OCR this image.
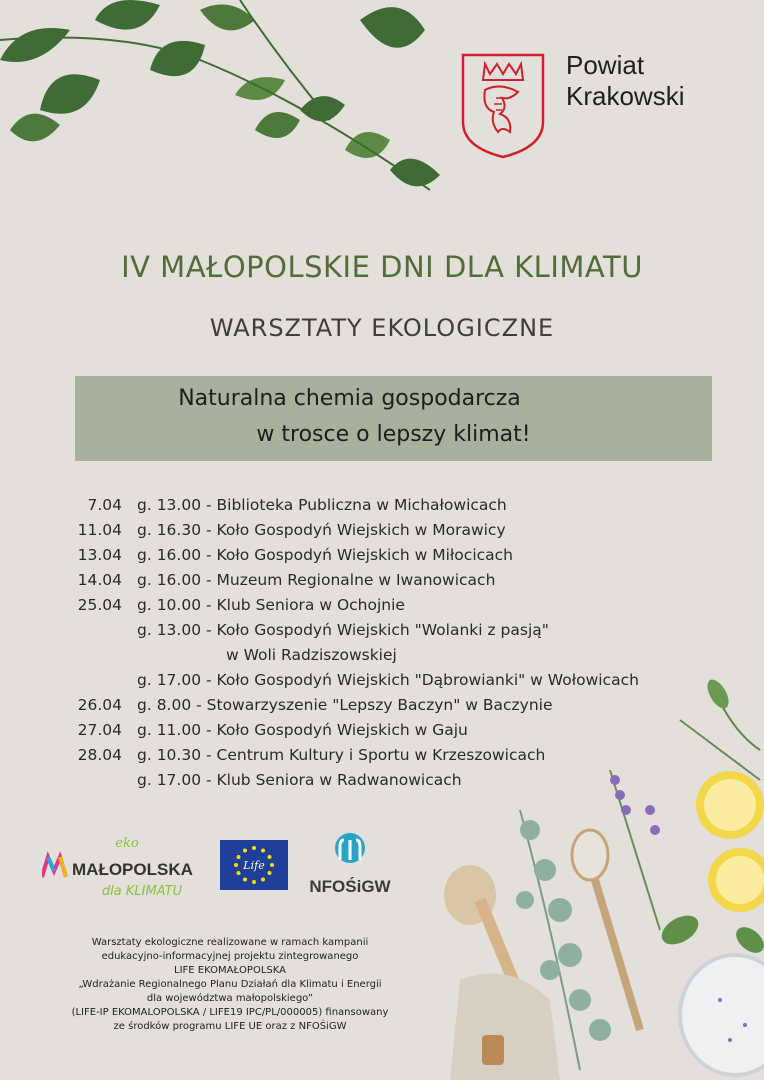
Powiat
Krakowski
IV MAŁOPOLSKIE DNI DLA KLIMATU
WARSZTATY EKOLOGICZNE
Naturalna chemia gospodarcza
w trosce o lepszy klimat!
7.04 g. 13.00 - Biblioteka Publiczna w Michałowicach
11.04 g. 16.30 - Koło Gospodyń Wiejskich w Morawicy
13.04 g. 16.00 - Koło Gospodyń Wiejskich w Miłocicach
14.04 g. 16.00 - Muzeum Regionalne w Iwanowicach
25.04 g. 10.00 - Klub Seniora w Ochojnie
g. 13.00 - Koło Gospodyń Wiejskich "Wolanki z pasją"
w Woli Radziszowskiej
g. 17.00 - Koło Gospodyń Wiejskich "Dąbrowianki" w Wołowicach
26.04 g. 8.00 - Stowarzyszenie "Lepszy Baczyn" w Baczynie
27.04 g. 11.00 - Koło Gospodyń Wiejskich w Gaju
28.04 g. 10.30 - Centrum Kultury i Sportu w Krzeszowicach
g. 17.00 - Klub Seniora w Radwanowicach
eko
MAŁOPOLSKA
dla KLIMATU
Life
NFOŚiGW
Warsztaty ekologiczne realizowane w ramach kampanii
edukacyjno-informacyjnej projektu zintegrowanego
LIFE EKOMAŁOPOLSKA
„Wdrażanie Regionalnego Planu Działań dla Klimatu i Energii
dla województwa małopolskiego”
(LIFE-IP EKOMALOPOLSKA / LIFE19 IPC/PL/000005) finansowany
ze środków programu LIFE UE oraz z NFOŚiGW
